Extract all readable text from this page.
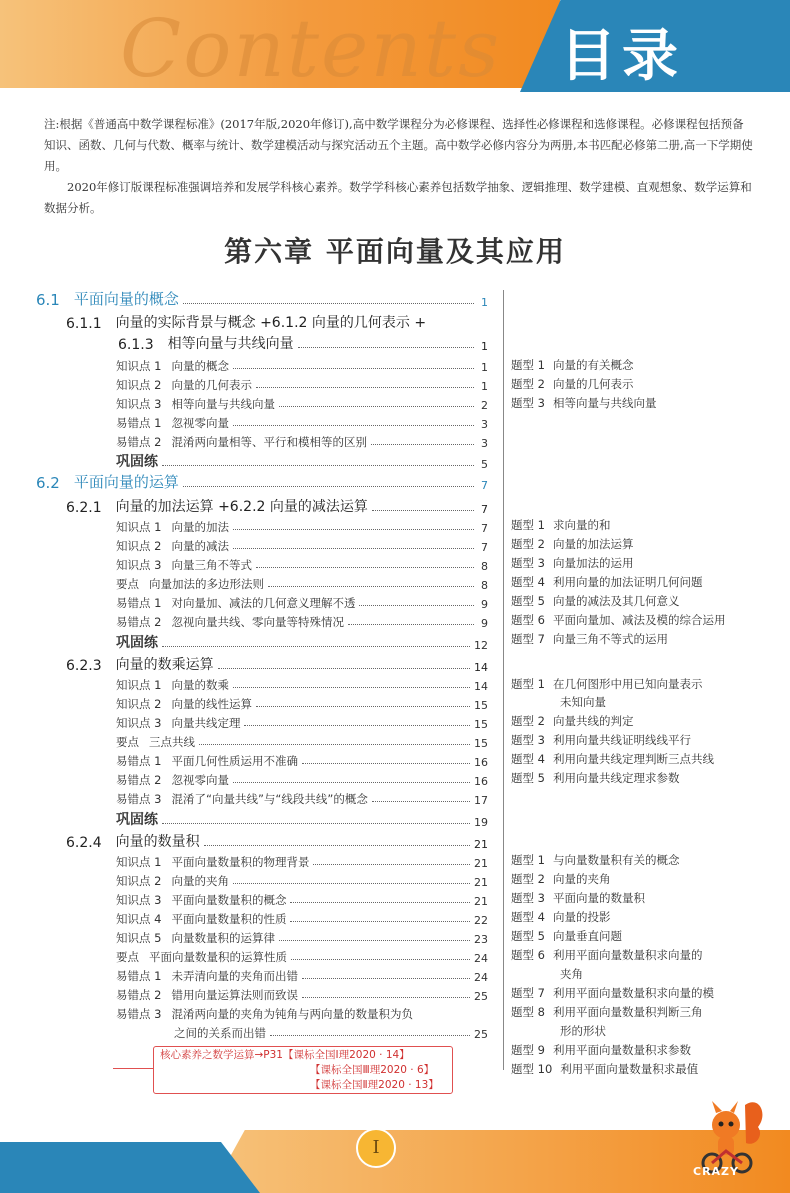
Contents 目录

注:根据《普通高中数学课程标准》(2017年版,2020年修订),高中数学课程分为必修课程、选择性必修课程和选修课程。必修课程包括预备知识、函数、几何与代数、概率与统计、数学建模活动与探究活动五个主题。高中数学必修内容分为两册,本书匹配必修第二册,高一下学期使用。

2020年修订版课程标准强调培养和发展学科核心素养。数学学科核心素养包括数学抽象、逻辑推理、数学建模、直观想象、数学运算和数据分析。

第六章 平面向量及其应用
6.1 平面向量的概念	1
6.1.1 向量的实际背景与概念 +6.1.2 向量的几何表示 +
6.1.3 相等向量与共线向量	1
知识点 1 向量的概念	1
知识点 2 向量的几何表示	1
知识点 3 相等向量与共线向量	2
易错点 1 忽视零向量	3
易错点 2 混淆两向量相等、平行和模相等的区别	3
巩固练	5
6.2 平面向量的运算	7
6.2.1 向量的加法运算 +6.2.2 向量的减法运算	7
知识点 1 向量的加法	7
知识点 2 向量的减法	7
知识点 3 向量三角不等式	8
要点 向量加法的多边形法则	8
易错点 1 对向量加、减法的几何意义理解不透	9
易错点 2 忽视向量共线、零向量等特殊情况	9
巩固练	12
6.2.3 向量的数乘运算	14
知识点 1 向量的数乘	14
知识点 2 向量的线性运算	15
知识点 3 向量共线定理	15
要点 三点共线	15
易错点 1 平面几何性质运用不准确	16
易错点 2 忽视零向量	16
易错点 3 混淆了“向量共线”与“线段共线”的概念	17
巩固练	19
6.2.4 向量的数量积	21
知识点 1 平面向量数量积的物理背景	21
知识点 2 向量的夹角	21
知识点 3 平面向量数量积的概念	21
知识点 4 平面向量数量积的性质	22
知识点 5 向量数量积的运算律	23
要点 平面向量数量积的运算性质	24
易错点 1 未弄清向量的夹角而出错	24
易错点 2 错用向量运算法则而致误	25
易错点 3 混淆两向量的夹角为钝角与两向量的数量积为负
之间的关系而出错	25
题型 1 向量的有关概念
题型 2 向量的几何表示
题型 3 相等向量与共线向量
题型 1 求向量的和
题型 2 向量的加法运算
题型 3 向量加法的运用
题型 4 利用向量的加法证明几何问题
题型 5 向量的减法及其几何意义
题型 6 平面向量加、减法及模的综合运用
题型 7 向量三角不等式的运用
题型 1 在几何图形中用已知向量表示
未知向量
题型 2 向量共线的判定
题型 3 利用向量共线证明线线平行
题型 4 利用向量共线定理判断三点共线
题型 5 利用向量共线定理求参数
题型 1 与向量数量积有关的概念
题型 2 向量的夹角
题型 3 平面向量的数量积
题型 4 向量的投影
题型 5 向量垂直问题
题型 6 利用平面向量数量积求向量的
夹角
题型 7 利用平面向量数量积求向量的模
题型 8 利用平面向量数量积判断三角
形的形状
题型 9 利用平面向量数量积求参数
题型 10 利用平面向量数量积求最值
核心素养之数学运算→P31【课标全国Ⅰ理2020 · 14】
【课标全国Ⅲ理2020 · 6】
【课标全国Ⅱ理2020 · 13】
I
CRAZY
